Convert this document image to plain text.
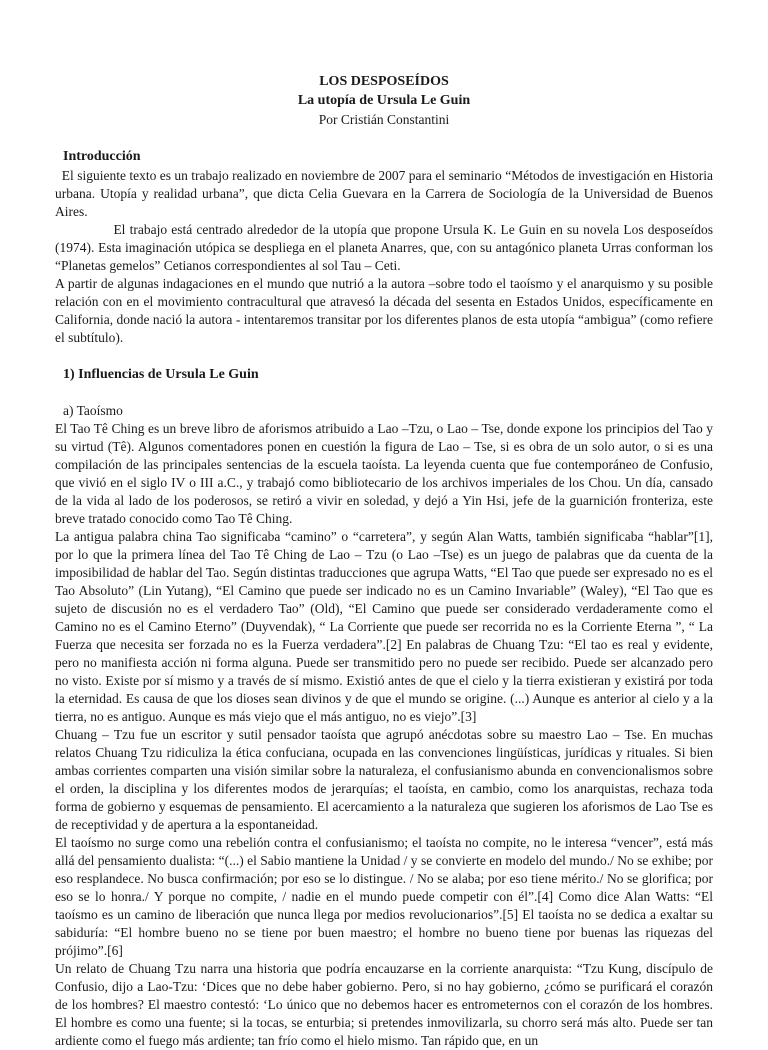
LOS DESPOSEÍDOS
La utopía de Ursula Le Guin
Por Cristián Constantini
Introducción

El siguiente texto es un trabajo realizado en noviembre de 2007 para el seminario “Métodos de investigación en Historia urbana. Utopía y realidad urbana”, que dicta Celia Guevara en la Carrera de Sociología de la Universidad de Buenos Aires.

El trabajo está centrado alrededor de la utopía que propone Ursula K. Le Guin en su novela Los desposeídos (1974). Esta imaginación utópica se despliega en el planeta Anarres, que, con su antagónico planeta Urras conforman los “Planetas gemelos” Cetianos correspondientes al sol Tau – Ceti.

A partir de algunas indagaciones en el mundo que nutrió a la autora –sobre todo el taoísmo y el anarquismo y su posible relación con en el movimiento contracultural que atravesó la década del sesenta en Estados Unidos, específicamente en California, donde nació la autora - intentaremos transitar por los diferentes planos de esta utopía “ambigua” (como refiere el subtítulo).

1) Influencias de Ursula Le Guin
a) Taoísmo

El Tao Tê Ching es un breve libro de aforismos atribuido a Lao –Tzu, o Lao – Tse, donde expone los principios del Tao y su virtud (Tê). Algunos comentadores ponen en cuestión la figura de Lao – Tse, si es obra de un solo autor, o si es una compilación de las principales sentencias de la escuela taoísta. La leyenda cuenta que fue contemporáneo de Confusio, que vivió en el siglo IV o III a.C., y trabajó como bibliotecario de los archivos imperiales de los Chou. Un día, cansado de la vida al lado de los poderosos, se retiró a vivir en soledad, y dejó a Yin Hsi, jefe de la guarnición fronteriza, este breve tratado conocido como Tao Tê Ching.

La antigua palabra china Tao significaba “camino” o “carretera”, y según Alan Watts, también significaba “hablar”[1], por lo que la primera línea del Tao Tê Ching de Lao – Tzu (o Lao –Tse) es un juego de palabras que da cuenta de la imposibilidad de hablar del Tao. Según distintas traducciones que agrupa Watts, “El Tao que puede ser expresado no es el Tao Absoluto” (Lin Yutang), “El Camino que puede ser indicado no es un Camino Invariable” (Waley), “El Tao que es sujeto de discusión no es el verdadero Tao” (Old), “El Camino que puede ser considerado verdaderamente como el Camino no es el Camino Eterno” (Duyvendak), “ La Corriente que puede ser recorrida no es la Corriente Eterna ”, “ La Fuerza que necesita ser forzada no es la Fuerza verdadera”.[2] En palabras de Chuang Tzu: “El tao es real y evidente, pero no manifiesta acción ni forma alguna. Puede ser transmitido pero no puede ser recibido. Puede ser alcanzado pero no visto. Existe por sí mismo y a través de sí mismo. Existió antes de que el cielo y la tierra existieran y existirá por toda la eternidad. Es causa de que los dioses sean divinos y de que el mundo se origine. (...) Aunque es anterior al cielo y a la tierra, no es antiguo. Aunque es más viejo que el más antiguo, no es viejo”.[3]

Chuang – Tzu fue un escritor y sutil pensador taoísta que agrupó anécdotas sobre su maestro Lao – Tse. En muchas relatos Chuang Tzu ridiculiza la ética confuciana, ocupada en las convenciones lingüísticas, jurídicas y rituales. Si bien ambas corrientes comparten una visión similar sobre la naturaleza, el confusianismo abunda en convencionalismos sobre el orden, la disciplina y los diferentes modos de jerarquías; el taoísta, en cambio, como los anarquistas, rechaza toda forma de gobierno y esquemas de pensamiento. El acercamiento a la naturaleza que sugieren los aforismos de Lao Tse es de receptividad y de apertura a la espontaneidad.

El taoísmo no surge como una rebelión contra el confusianismo; el taoísta no compite, no le interesa “vencer”, está más allá del pensamiento dualista: “(...) el Sabio mantiene la Unidad / y se convierte en modelo del mundo./ No se exhibe; por eso resplandece. No busca confirmación; por eso se lo distingue. / No se alaba; por eso tiene mérito./ No se glorifica; por eso se lo honra./ Y porque no compite, / nadie en el mundo puede competir con él”.[4] Como dice Alan Watts: “El taoísmo es un camino de liberación que nunca llega por medios revolucionarios”.[5] El taoísta no se dedica a exaltar su sabiduría: “El hombre bueno no se tiene por buen maestro; el hombre no bueno tiene por buenas las riquezas del prójimo”.[6]

Un relato de Chuang Tzu narra una historia que podría encauzarse en la corriente anarquista: “Tzu Kung, discípulo de Confusio, dijo a Lao-Tzu: ‘Dices que no debe haber gobierno. Pero, si no hay gobierno, ¿cómo se purificará el corazón de los hombres? El maestro contestó: ‘Lo único que no debemos hacer es entrometernos con el corazón de los hombres. El hombre es como una fuente; si la tocas, se enturbia; si pretendes inmovilizarla, su chorro será más alto. Puede ser tan ardiente como el fuego más ardiente; tan frío como el hielo mismo. Tan rápido que, en un
